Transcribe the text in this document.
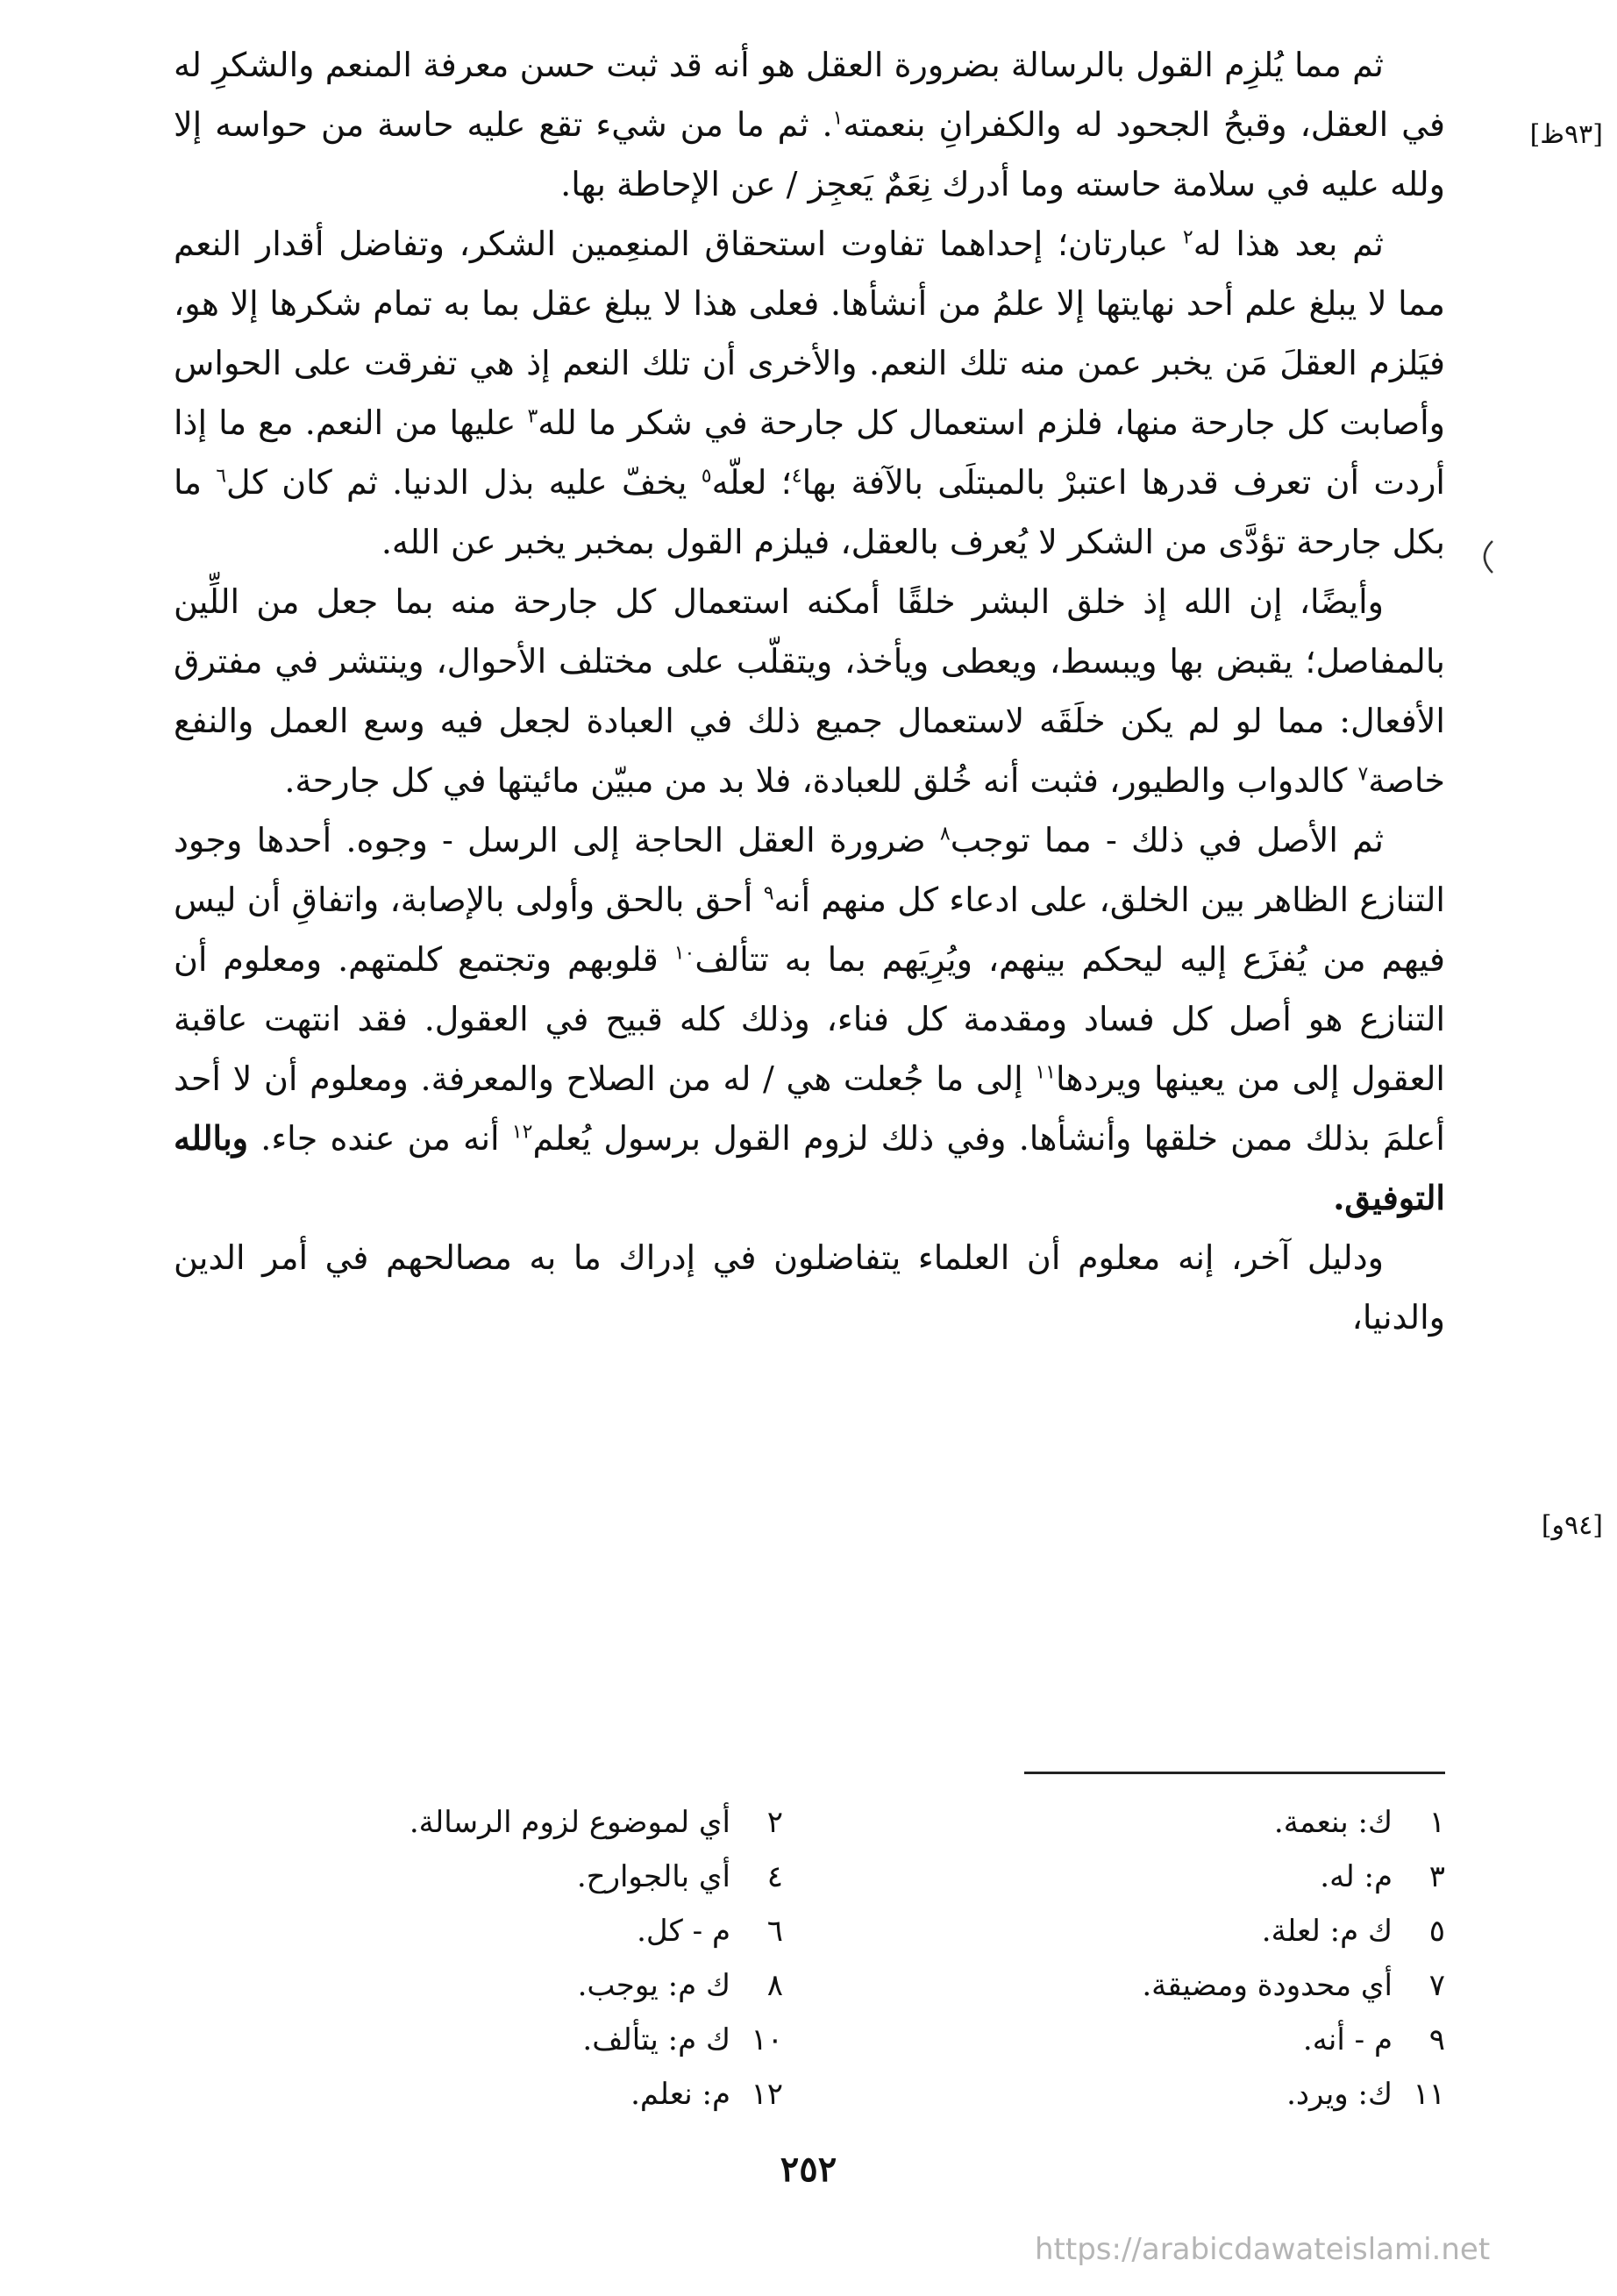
ثم مما يُلزِم القول بالرسالة بضرورة العقل هو أنه قد ثبت حسن معرفة المنعم والشكرِ له في العقل، وقبحُ الجحود له والكفرانِ بنعمته$^١$. ثم ما من شيء تقع عليه حاسة من حواسه إلا ولله عليه في سلامة حاسته وما أدرك نِعَمٌ يَعجِز / عن الإحاطة بها.

ثم بعد هذا له$^٢$ عبارتان؛ إحداهما تفاوت استحقاق المنعِمين الشكر، وتفاضل أقدار النعم مما لا يبلغ علم أحد نهايتها إلا علمُ من أنشأها. فعلى هذا لا يبلغ عقل بما به تمام شكرها إلا هو، فيَلزم العقلَ مَن يخبر عمن منه تلك النعم. والأخرى أن تلك النعم إذ هي تفرقت على الحواس وأصابت كل جارحة منها، فلزم استعمال كل جارحة في شكر ما لله$^٣$ عليها من النعم. مع ما إذا أردت أن تعرف قدرها اعتبرْ بالمبتلَى بالآفة بها$^٤$؛ لعلّه$^٥$ يخفّ عليه بذل الدنيا. ثم كان كل$^٦$ ما بكل جارحة تؤدَّى من الشكر لا يُعرف بالعقل، فيلزم القول بمخبر يخبر عن الله.

وأيضًا، إن الله إذ خلق البشر خلقًا أمكنه استعمال كل جارحة منه بما جعل من اللِّين بالمفاصل؛ يقبض بها ويبسط، ويعطى ويأخذ، ويتقلّب على مختلف الأحوال، وينتشر في مفترق الأفعال: مما لو لم يكن خلَقَه لاستعمال جميع ذلك في العبادة لجعل فيه وسع العمل والنفع خاصة$^٧$ كالدواب والطيور، فثبت أنه خُلق للعبادة، فلا بد من مبيّن مائيتها في كل جارحة.

ثم الأصل في ذلك - مما توجب$^٨$ ضرورة العقل الحاجة إلى الرسل - وجوه. أحدها وجود التنازع الظاهر بين الخلق، على ادعاء كل منهم أنه$^٩$ أحق بالحق وأولى بالإصابة، واتفاقِ أن ليس فيهم من يُفزَع إليه ليحكم بينهم، ويُرِيَهم بما به تتألف$^{١٠}$ قلوبهم وتجتمع كلمتهم. ومعلوم أن التنازع هو أصل كل فساد ومقدمة كل فناء، وذلك كله قبيح في العقول. فقد انتهت عاقبة العقول إلى من يعينها ويردها$^{١١}$ إلى ما جُعلت هي / له من الصلاح والمعرفة. ومعلوم أن لا أحد أعلمَ بذلك ممن خلقها وأنشأها. وفي ذلك لزوم القول برسول يُعلم$^{١٢}$ أنه من عنده جاء. وبالله التوفيق.

ودليل آخر، إنه معلوم أن العلماء يتفاضلون في إدراك ما به مصالحهم في أمر الدين والدنيا،

[٩٣ظ]
[٩٤و]
١
ك: بنعمة.
٢
أي لموضوع لزوم الرسالة.
٣
م: له.
٤
أي بالجوارح.
٥
ك م: لعلة.
٦
م - كل.
٧
أي محدودة ومضيقة.
٨
ك م: يوجب.
٩
م - أنه.
١٠
ك م: يتألف.
١١
ك: ويرد.
١٢
م: نعلم.
٢٥٢
https://arabicdawateislami.net
